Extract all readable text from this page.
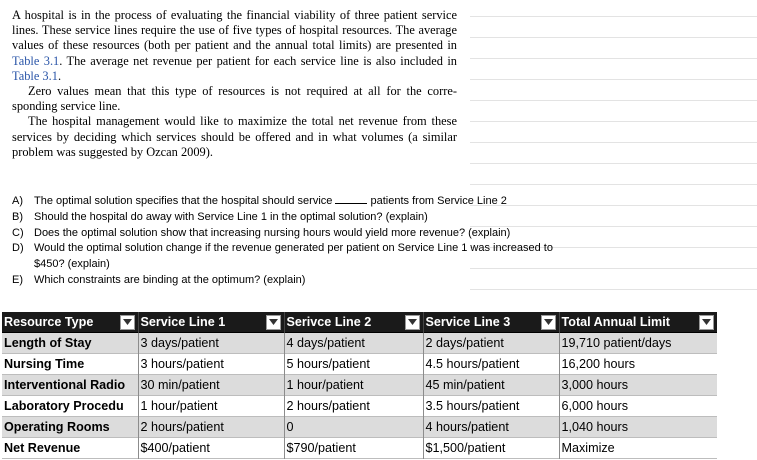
A hospital is in the process of evaluating the financial viability of three patient service lines. These service lines require the use of five types of hospital resources. The average values of these resources (both per patient and the annual total limits) are presented in Table 3.1. The average net revenue per patient for each service line is also included in Table 3.1.

Zero values mean that this type of resources is not required at all for the corre-sponding service line.

The hospital management would like to maximize the total net revenue from these services by deciding which services should be offered and in what volumes (a similar problem was suggested by Ozcan 2009).

A)	The optimal solution specifies that the hospital should service	patients from Service Line 2
B)	Should the hospital do away with Service Line 1 in the optimal solution? (explain)
C) Does the optimal solution show that increasing nursing hours would yield more revenue? (explain)
D) Would the optimal solution change if the revenue generated per patient on Service Line 1 was increased to $450? (explain)
E)	Which constraints are binding at the optimum? (explain)
Resource Type	Service Line 1	Serivce Line 2	Service Line 3	Total Annual Limit

Length of Stay	3 days/patient	4 days/patient	2 days/patient	19,710 patient/days
Nursing Time	3 hours/patient	5 hours/patient	4.5 hours/patient	16,200 hours
Interventional Radio	30 min/patient	1 hour/patient	45 min/patient	3,000 hours
Laboratory Procedu	1 hour/patient	2 hours/patient	3.5 hours/patient	6,000 hours
Operating Rooms	2 hours/patient	0	4 hours/patient	1,040 hours
Net Revenue	$400/patient	$790/patient	$1,500/patient	Maximize
